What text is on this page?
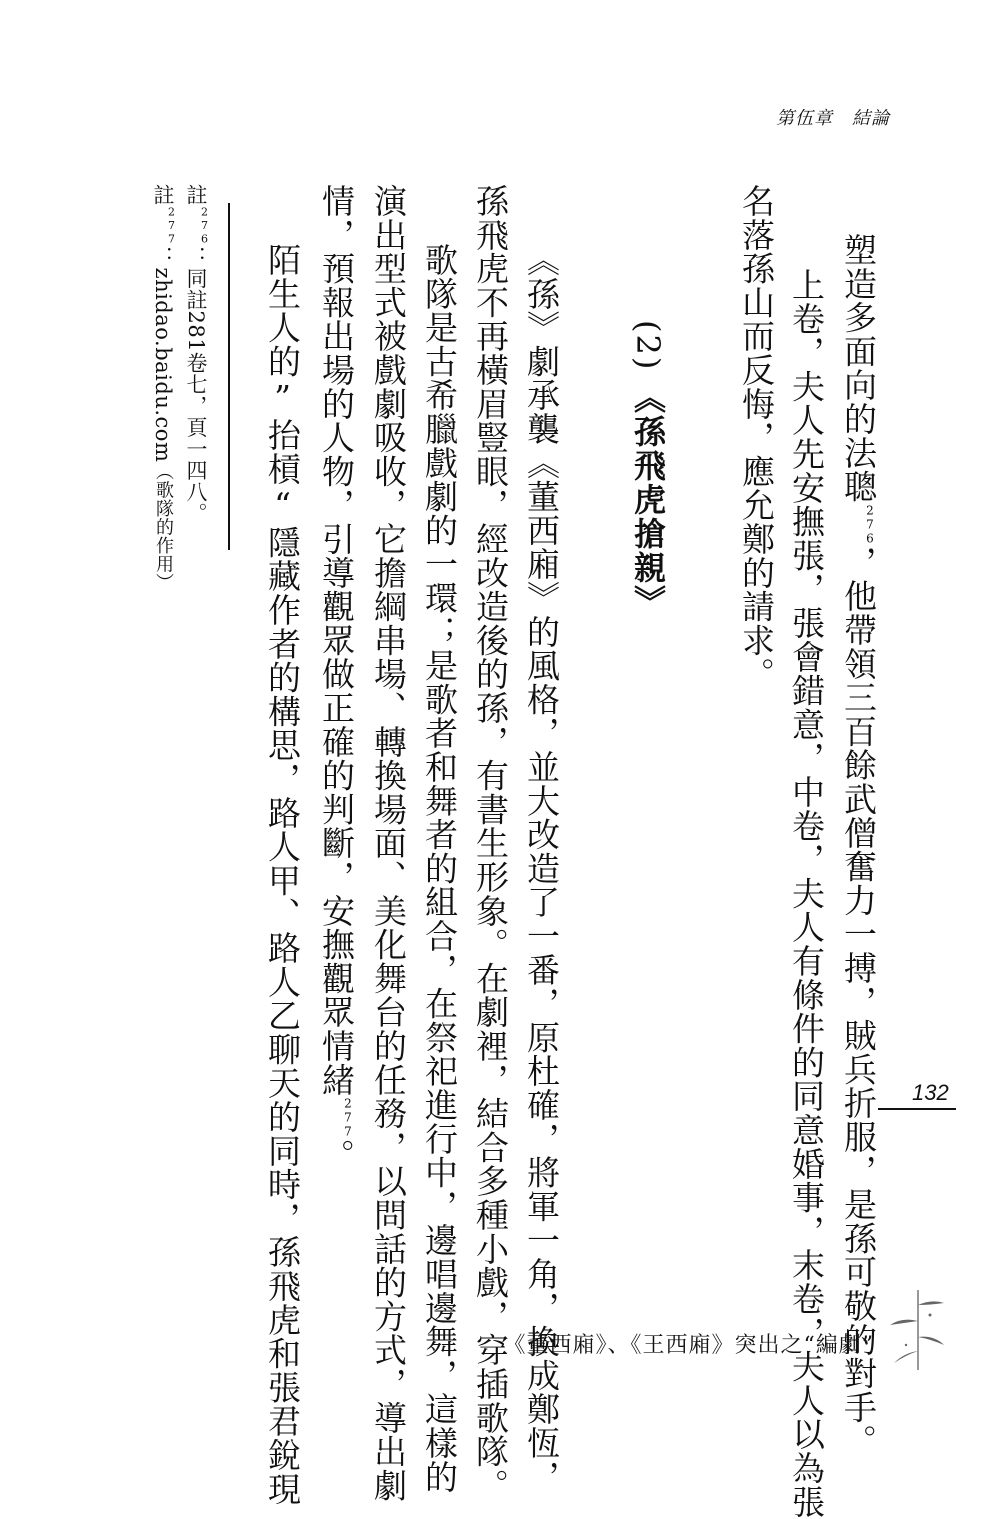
第伍章　結論
塑造多面向的法聰$^{276}$，他帶領三百餘武僧奮力一搏，賊兵折服，是孫可敬的對手。
上卷，夫人先安撫張，張會錯意，中卷，夫人有條件的同意婚事，末卷，夫人以為張
名落孫山而反悔，應允鄭的請求。
(2)《孫飛虎搶親》
《孫》劇承襲《董西廂》的風格，並大改造了一番，原杜確，將軍一角，換成鄭恆，
孫飛虎不再橫眉豎眼，經改造後的孫，有書生形象。在劇裡，結合多種小戲，穿插歌隊。
歌隊是古希臘戲劇的一環；是歌者和舞者的組合，在祭祀進行中，邊唱邊舞，這樣的
演出型式被戲劇吸收，它擔綱串場、轉換場面、美化舞台的任務，以問話的方式，導出劇
情，預報出場的人物，引導觀眾做正確的判斷，安撫觀眾情緒$^{277}$。
陌生人的”抬槓“隱藏作者的構思，路人甲、路人乙聊天的同時，孫飛虎和張君銳現
註$^{276}$：同註281卷七，頁一四八。
註$^{277}$：zhidao.baidu.com（歌隊的作用）
132
《董西廂》、《王西廂》突出之“編劇”
